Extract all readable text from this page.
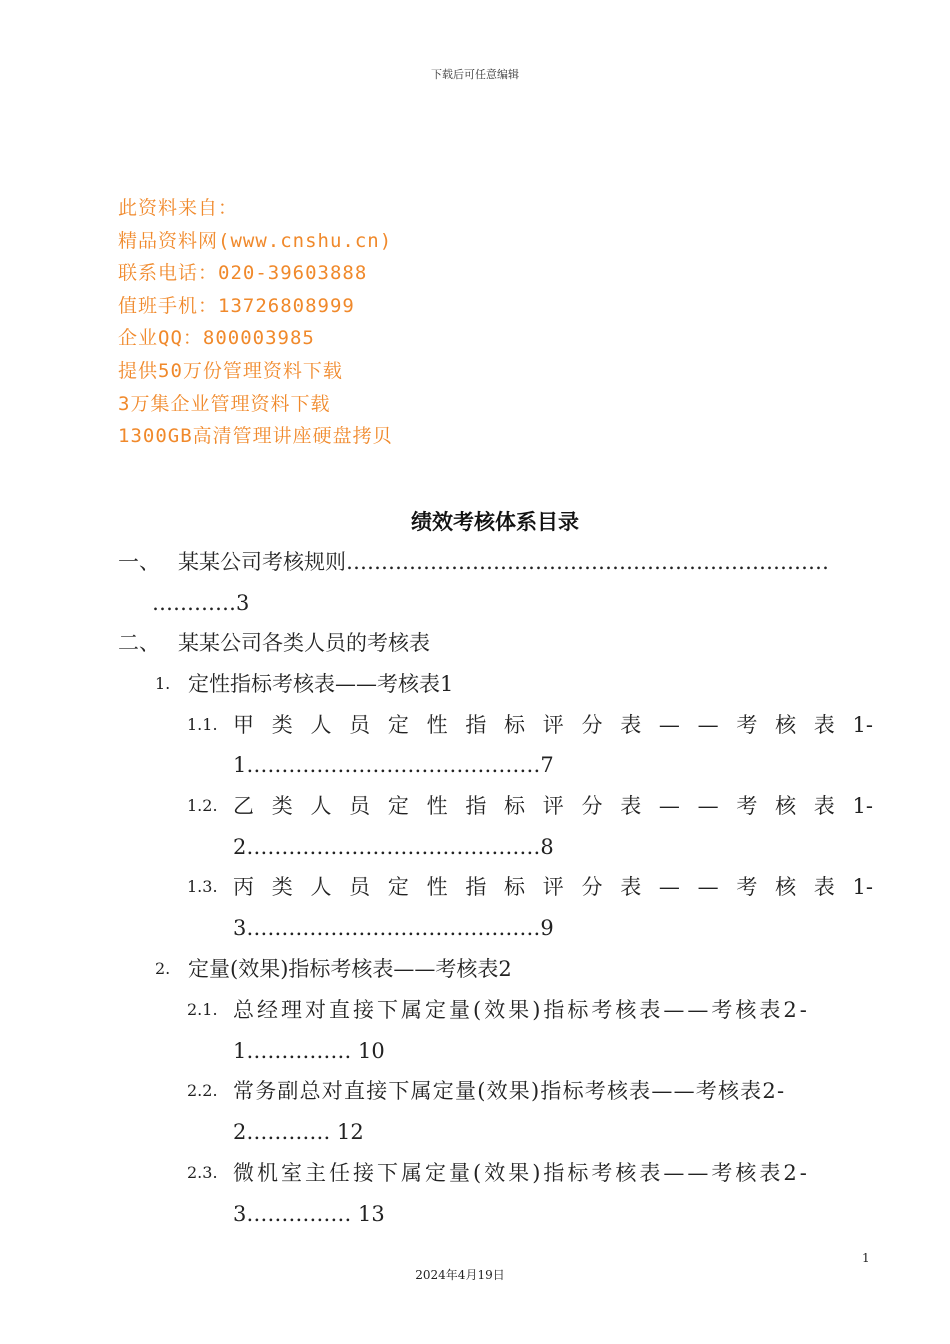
下载后可任意编辑
此资料来自：
精品资料网(www.cnshu.cn)
联系电话：020-39603888
值班手机：13726808999
企业QQ：800003985
提供50万份管理资料下载
3万集企业管理资料下载
1300GB高清管理讲座硬盘拷贝
绩效考核体系目录
一、 某某公司考核规则……………………………………………………………
…………3
二、 某某公司各类人员的考核表
1. 定性指标考核表——考核表1
1.1. 甲 类 人 员 定 性 指 标 评 分 表 — — 考 核 表 1-
1……………………………………7
1.2. 乙 类 人 员 定 性 指 标 评 分 表 — — 考 核 表 1-
2……………………………………8
1.3. 丙 类 人 员 定 性 指 标 评 分 表 — — 考 核 表 1-
3……………………………………9
2. 定量(效果)指标考核表——考核表2
2.1. 总经理对直接下属定量(效果)指标考核表——考核表2-
1…………… 10
2.2. 常务副总对直接下属定量(效果)指标考核表——考核表2-
2………… 12
2.3. 微机室主任接下属定量(效果)指标考核表——考核表2-
3…………… 13
1
2024年4月19日
